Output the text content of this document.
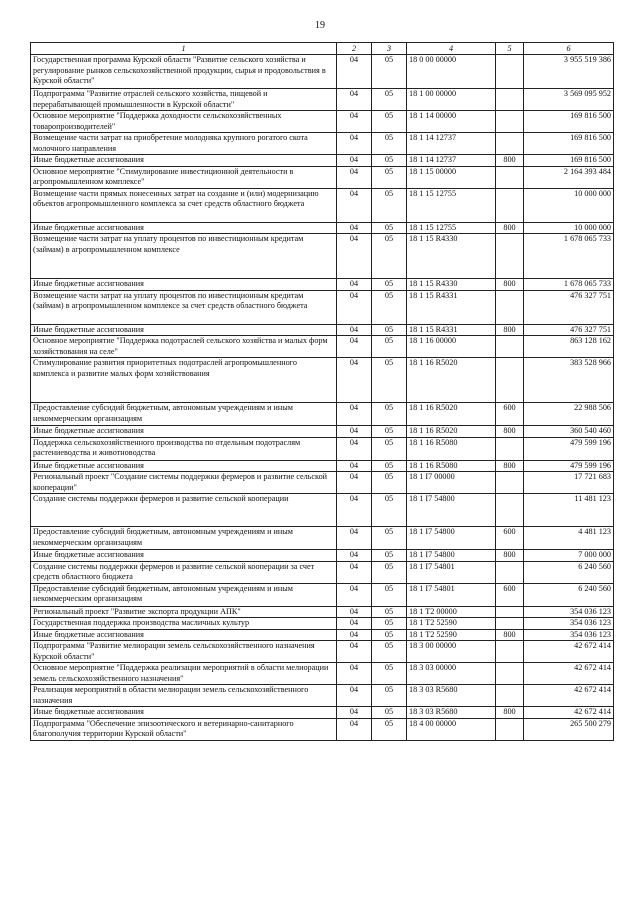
19
1	2	3	4	5	6
Государственная программа Курской области "Развитие сельского хозяйства и регулирование рынков сельскохозяйственной продукции, сырья и продовольствия в Курской области"	04	05	18 0 00 00000		3 955 519 386
Подпрограмма "Развитие отраслей сельского хозяйства, пищевой и перерабатывающей промышленности в Курской области"	04	05	18 1 00 00000		3 569 095 952
Основное мероприятие "Поддержка доходности сельскохозяйственных товаропроизводителей"	04	05	18 1 14 00000		169 816 500
Возмещение части затрат на приобретение молодняка крупного рогатого скота молочного направления	04	05	18 1 14 12737		169 816 500
Иные бюджетные ассигнования	04	05	18 1 14 12737	800	169 816 500
Основное мероприятие "Стимулирование инвестиционной деятельности в агропромышленном комплексе"	04	05	18 1 15 00000		2 164 393 484
Возмещение части прямых понесенных затрат на создание и (или) модернизацию объектов агропромышленного комплекса за счет средств областного бюджета	04	05	18 1 15 12755		10 000 000
Иные бюджетные ассигнования	04	05	18 1 15 12755	800	10 000 000
Возмещение части затрат на уплату процентов по инвестиционным кредитам (займам) в агропромышленном комплексе	04	05	18 1 15 R4330		1 678 065 733
Иные бюджетные ассигнования	04	05	18 1 15 R4330	800	1 678 065 733
Возмещение части затрат на уплату процентов по инвестиционным кредитам (займам) в агропромышленном комплексе за счет средств областного бюджета	04	05	18 1 15 R4331		476 327 751
Иные бюджетные ассигнования	04	05	18 1 15 R4331	800	476 327 751
Основное мероприятие "Поддержка подотраслей сельского хозяйства и малых форм хозяйствования на селе"	04	05	18 1 16 00000		863 128 162
Стимулирование развития приоритетных подотраслей агропромышленного комплекса и развитие малых форм хозяйствования	04	05	18 1 16 R5020		383 528 966
Предоставление субсидий бюджетным, автономным учреждениям и иным некоммерческим организациям	04	05	18 1 16 R5020	600	22 988 506
Иные бюджетные ассигнования	04	05	18 1 16 R5020	800	360 540 460
Поддержка сельскохозяйственного производства по отдельным подотраслям растениеводства и животноводства	04	05	18 1 16 R5080		479 599 196
Иные бюджетные ассигнования	04	05	18 1 16 R5080	800	479 599 196
Региональный проект "Создание системы поддержки фермеров и развитие сельской кооперации"	04	05	18 1 I7 00000		17 721 683
Создание системы поддержки фермеров и развитие сельской кооперации	04	05	18 1 I7 54800		11 481 123
Предоставление субсидий бюджетным, автономным учреждениям и иным некоммерческим организациям	04	05	18 1 I7 54800	600	4 481 123
Иные бюджетные ассигнования	04	05	18 1 I7 54800	800	7 000 000
Создание системы поддержки фермеров и развитие сельской кооперации за счет средств областного бюджета	04	05	18 1 I7 54801		6 240 560
Предоставление субсидий бюджетным, автономным учреждениям и иным некоммерческим организациям	04	05	18 1 I7 54801	600	6 240 560
Региональный проект "Развитие экспорта продукции АПК"	04	05	18 1 T2 00000		354 036 123
Государственная поддержка производства масличных культур	04	05	18 1 T2 52590		354 036 123
Иные бюджетные ассигнования	04	05	18 1 T2 52590	800	354 036 123
Подпрограмма "Развитие мелиорации земель сельскохозяйственного назначения Курской области"	04	05	18 3 00 00000		42 672 414
Основное мероприятие "Поддержка реализации мероприятий в области мелиорации земель сельскохозяйственного назначения"	04	05	18 3 03 00000		42 672 414
Реализация мероприятий в области мелиорации земель сельскохозяйственного назначения	04	05	18 3 03 R5680		42 672 414
Иные бюджетные ассигнования	04	05	18 3 03 R5680	800	42 672 414
Подпрограмма "Обеспечение эпизоотического и ветеринарно-санитарного благополучия территории Курской области"	04	05	18 4 00 00000		265 500 279
